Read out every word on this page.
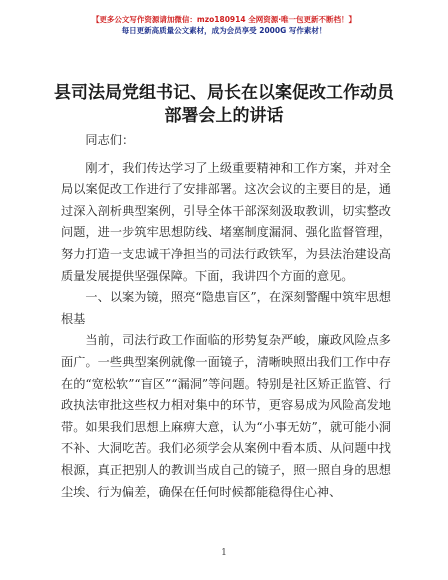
【更多公文写作资源请加微信：mzo180914 全网资源·唯一包更新不断档！】
每日更新高质量公文素材，成为会员享受 2000G 写作素材！
县司法局党组书记、局长在以案促改工作动员
部署会上的讲话

同志们：

刚才，我们传达学习了上级重要精神和工作方案，并对全局以案促改工作进行了安排部署。这次会议的主要目的是，通过深入剖析典型案例，引导全体干部深刻汲取教训，切实整改问题，进一步筑牢思想防线、堵塞制度漏洞、强化监督管理，努力打造一支忠诚干净担当的司法行政铁军，为县法治建设高质量发展提供坚强保障。下面，我讲四个方面的意见。

一、以案为镜，照亮“隐患盲区”，在深刻警醒中筑牢思想根基

当前，司法行政工作面临的形势复杂严峻，廉政风险点多面广。一些典型案例就像一面镜子，清晰映照出我们工作中存在的“宽松软”“盲区”“漏洞”等问题。特别是社区矫正监管、行政执法审批这些权力相对集中的环节，更容易成为风险高发地带。如果我们思想上麻痹大意，认为“小事无妨”，就可能小洞不补、大洞吃苦。我们必须学会从案例中看本质、从问题中找根源，真正把别人的教训当成自己的镜子，照一照自身的思想尘埃、行为偏差，确保在任何时候都能稳得住心神、

1
